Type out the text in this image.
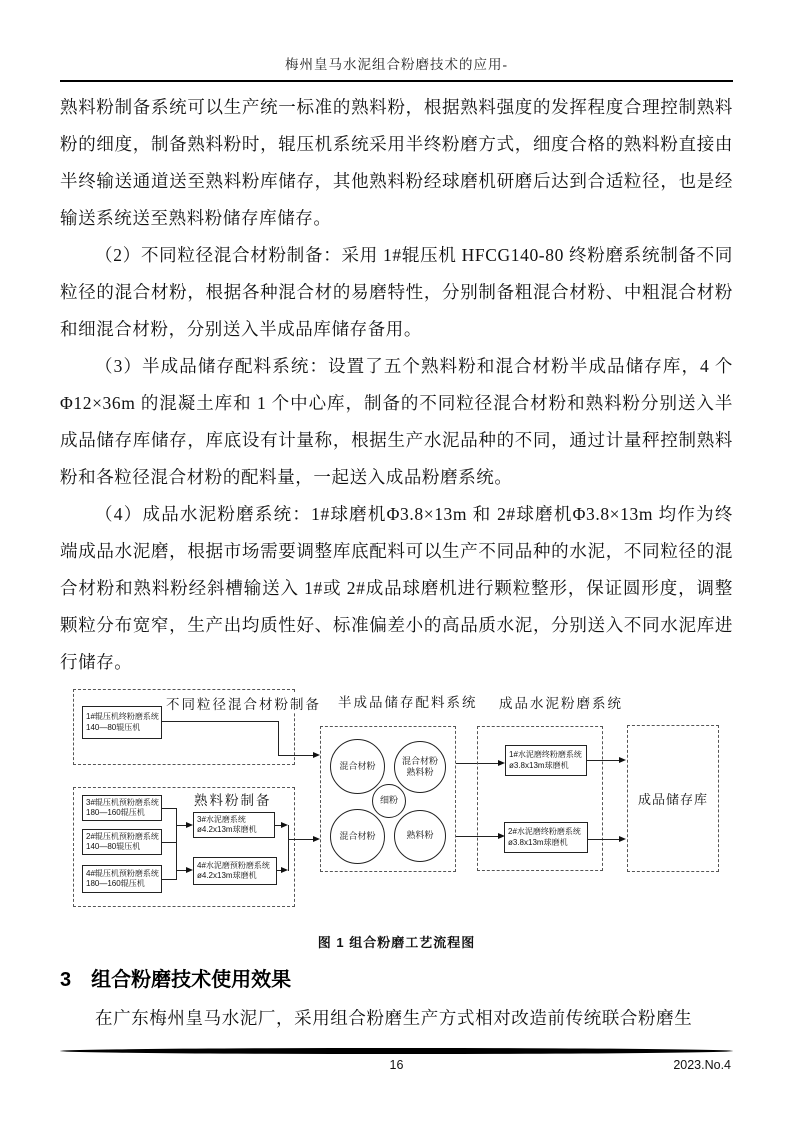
梅州皇马水泥组合粉磨技术的应用-

熟料粉制备系统可以生产统一标准的熟料粉，根据熟料强度的发挥程度合理控制熟料粉的细度，制备熟料粉时，辊压机系统采用半终粉磨方式，细度合格的熟料粉直接由半终输送通道送至熟料粉库储存，其他熟料粉经球磨机研磨后达到合适粒径，也是经输送系统送至熟料粉储存库储存。

（2）不同粒径混合材粉制备：采用 1#辊压机 HFCG140-80 终粉磨系统制备不同粒径的混合材粉，根据各种混合材的易磨特性，分别制备粗混合材粉、中粗混合材粉和细混合材粉，分别送入半成品库储存备用。

（3）半成品储存配料系统：设置了五个熟料粉和混合材粉半成品储存库，4 个Φ12×36m 的混凝土库和 1 个中心库，制备的不同粒径混合材粉和熟料粉分别送入半成品储存库储存，库底设有计量称，根据生产水泥品种的不同，通过计量秤控制熟料粉和各粒径混合材粉的配料量，一起送入成品粉磨系统。

（4）成品水泥粉磨系统：1#球磨机Φ3.8×13m 和 2#球磨机Φ3.8×13m 均作为终端成品水泥磨，根据市场需要调整库底配料可以生产不同品种的水泥，不同粒径的混合材粉和熟料粉经斜槽输送入 1#或 2#成品球磨机进行颗粒整形，保证圆形度，调整颗粒分布宽窄，生产出均质性好、标准偏差小的高品质水泥，分别送入不同水泥库进行储存。

不同粒径混合材粉制备
1#辊压机终粉磨系统
140—80辊压机
熟料粉制备
3#辊压机预粉磨系统
180—160辊压机
2#辊压机预粉磨系统
140—80辊压机
4#辊压机预粉磨系统
180—160辊压机
3#水泥磨系统
ø4.2x13m球磨机
4#水泥磨预粉磨系统
ø4.2x13m球磨机
半成品储存配料系统
混合材粉
混合材粉
熟料粉
细粉
混合材粉	熟料粉
成品水泥粉磨系统
1#水泥磨终粉磨系统
ø3.8x13m球磨机
2#水泥磨终粉磨系统
ø3.8x13m球磨机
成品储存库
图 1 组合粉磨工艺流程图
3 组合粉磨技术使用效果

在广东梅州皇马水泥厂，采用组合粉磨生产方式相对改造前传统联合粉磨生

16	2023.No.4
